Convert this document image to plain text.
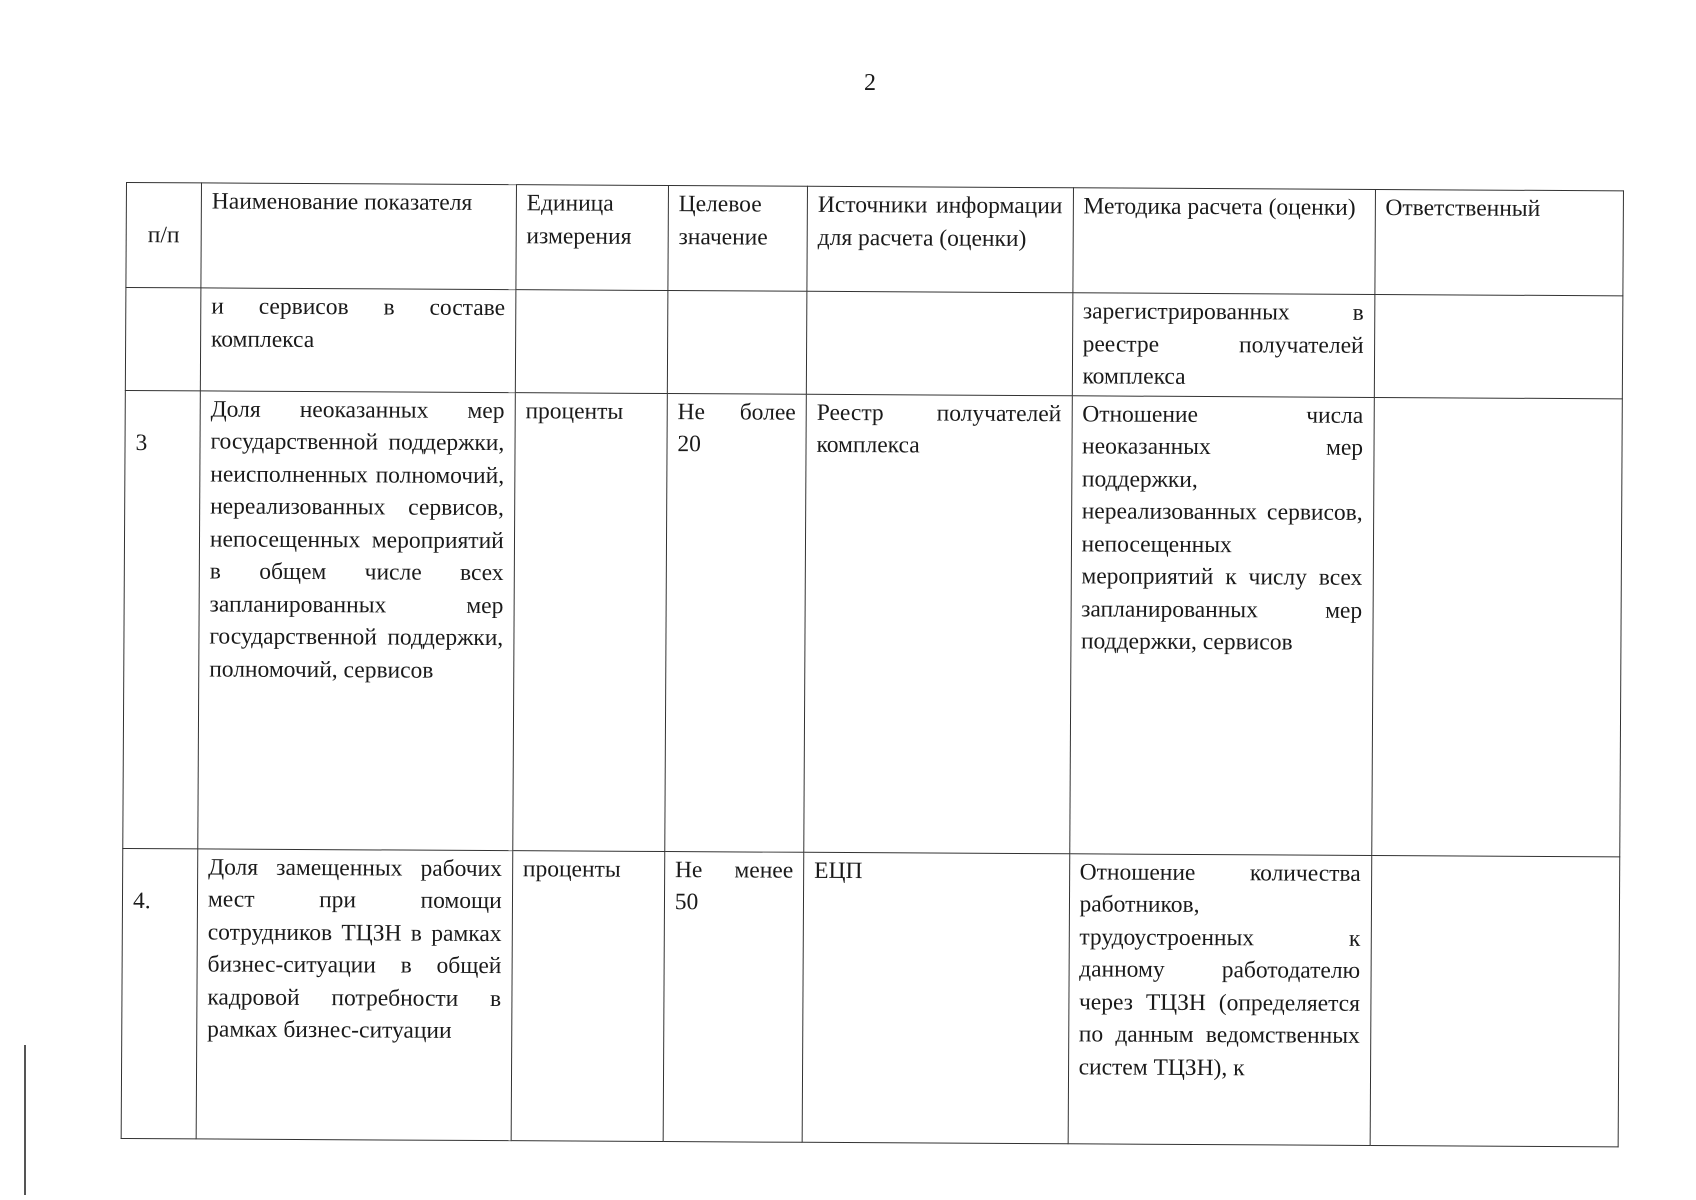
2
п/п	Наименование показателя	Единица измерения	Целевое значение	Источники информации для расчета (оценки)	Методика расчета (оценки)	Ответственный
	и сервисов в составе комплекса				зарегистрированных в реестре получателей комплекса	
3	Доля неоказанных мер государственной поддержки, неисполненных полномочий, нереализованных сервисов, непосещенных мероприятий в общем числе всех запланированных мер государственной поддержки, полномочий, сервисов	проценты	Не более 20	Реестр получателей комплекса	Отношение числа неоказанных мер поддержки, нереализованных сервисов, непосещенных мероприятий к числу всех запланированных мер поддержки, сервисов	
4.	Доля замещенных рабочих мест при помощи сотрудников ТЦЗН в рамках бизнес-ситуации в общей кадровой потребности в рамках бизнес-ситуации	проценты	Не менее 50	ЕЦП	Отношение количества работников, трудоустроенных к данному работодателю через ТЦЗН (определяется по данным ведомственных систем ТЦЗН), к	
